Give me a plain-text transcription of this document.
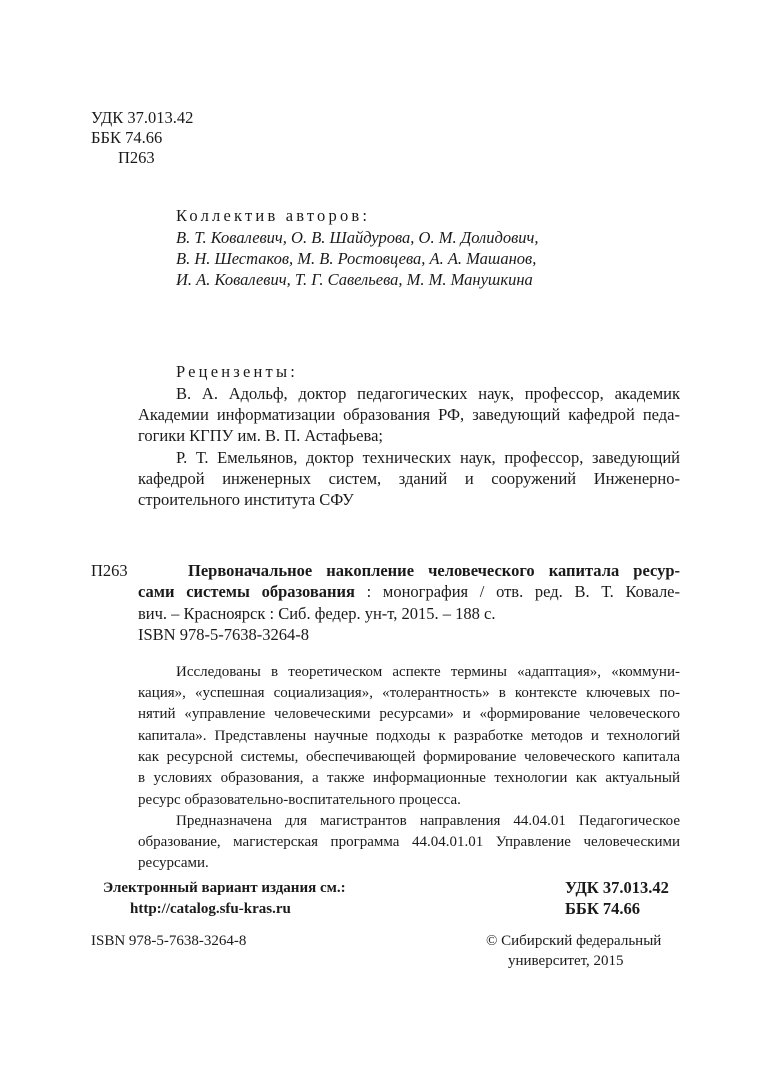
УДК 37.013.42
ББК 74.66
П263
Коллектив авторов:
В. Т. Ковалевич, О. В. Шайдурова, О. М. Долидович,
В. Н. Шестаков, М. В. Ростовцева, А. А. Машанов,
И. А. Ковалевич, Т. Г. Савельева, М. М. Манушкина
Рецензенты:
В. А. Адольф, доктор педагогических наук, профессор, академик
Академии информатизации образования РФ, заведующий кафедрой педа-
гогики КГПУ им. В. П. Астафьева;
Р. Т. Емельянов, доктор технических наук, профессор, заведующий
кафедрой инженерных систем, зданий и сооружений Инженерно-
строительного института СФУ
П263	Первоначальное накопление человеческого капитала ресур-
сами системы образования : монография / отв. ред. В. Т. Ковале-
вич. – Красноярск : Сиб. федер. ун-т, 2015. – 188 с.
ISBN 978-5-7638-3264-8
Исследованы в теоретическом аспекте термины «адаптация», «коммуни-
кация», «успешная социализация», «толерантность» в контексте ключевых по-
нятий «управление человеческими ресурсами» и «формирование человеческого
капитала». Представлены научные подходы к разработке методов и технологий
как ресурсной системы, обеспечивающей формирование человеческого капитала
в условиях образования, а также информационные технологии как актуальный
ресурс образовательно-воспитательного процесса.
Предназначена для магистрантов направления 44.04.01 Педагогическое
образование, магистерская программа 44.04.01.01 Управление человеческими
ресурсами.
Электронный вариант издания см.:
http://catalog.sfu-kras.ru
УДК 37.013.42
ББК 74.66
ISBN 978-5-7638-3264-8	© Сибирский федеральный
университет, 2015
